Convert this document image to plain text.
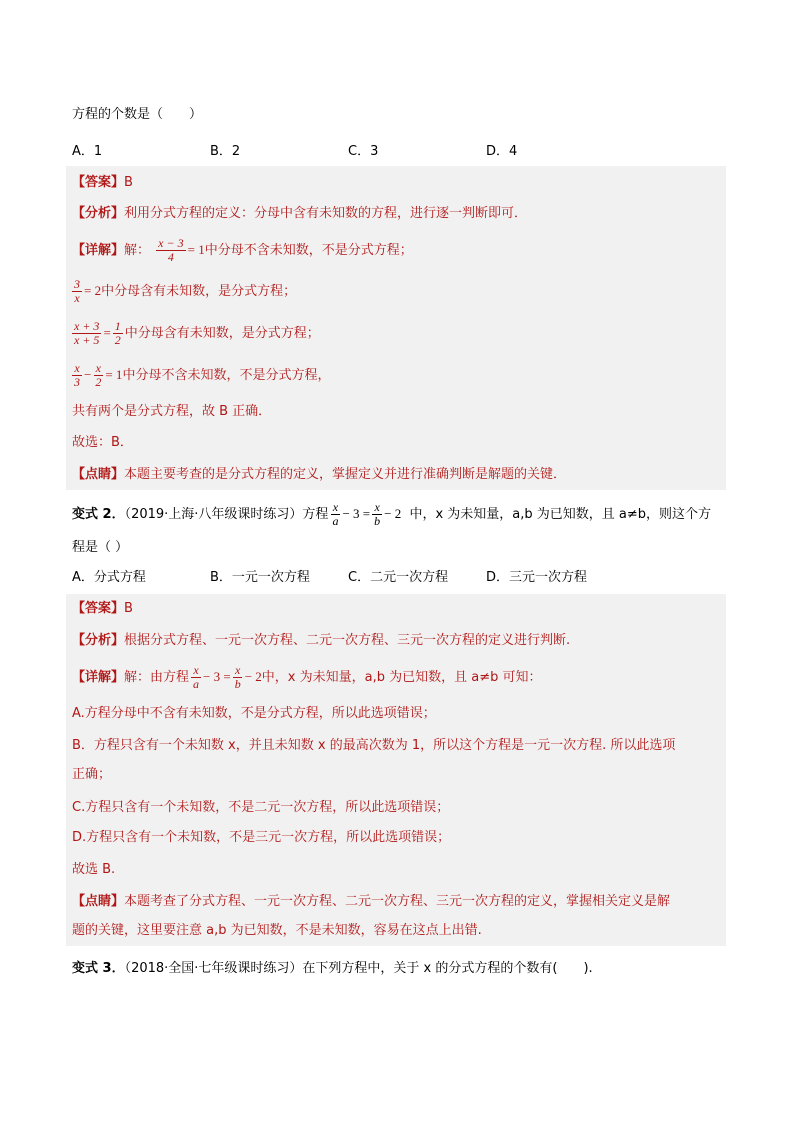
方程的个数是（　　）
A．1	B．2	C．3	D．4
【答案】B
【分析】利用分式方程的定义：分母中含有未知数的方程，进行逐一判断即可．
【详解】解： $\frac{x - 3}{4} = 1$中分母不含未知数，不是分式方程；
$\frac{3}{x} = 2$中分母含有未知数，是分式方程；
$\frac{x + 3}{x + 5} = \frac{1}{2}$ 中分母含有未知数，是分式方程；
$\frac{x}{3} - \frac{x}{2} = 1$中分母不含未知数，不是分式方程，
共有两个是分式方程，故 B 正确．
故选：B．
【点睛】本题主要考查的是分式方程的定义，掌握定义并进行准确判断是解题的关键．
变式 2．（2019·上海·八年级课时练习）方程 $\frac{x}{a} - 3 = \frac{x}{b} - 2$ 中，x 为未知量，a,b 为已知数，且 a≠b，则这个方
程是（ ）
A．分式方程	B．一元一次方程	C．二元一次方程	D．三元一次方程
【答案】B
【分析】根据分式方程、一元一次方程、二元一次方程、三元一次方程的定义进行判断.
【详解】解：由方程 $\frac{x}{a} - 3 = \frac{x}{b} - 2$中，x 为未知量，a,b 为已知数，且 a≠b 可知：
A.方程分母中不含有未知数，不是分式方程，所以此选项错误；
B．方程只含有一个未知数 x，并且未知数 x 的最高次数为 1，所以这个方程是一元一次方程. 所以此选项
正确；
C.方程只含有一个未知数，不是二元一次方程，所以此选项错误；
D.方程只含有一个未知数，不是三元一次方程，所以此选项错误；
故选 B.
【点睛】本题考查了分式方程、一元一次方程、二元一次方程、三元一次方程的定义，掌握相关定义是解
题的关键，这里要注意 a,b 为已知数，不是未知数，容易在这点上出错.
变式 3．（2018·全国·七年级课时练习）在下列方程中，关于 x 的分式方程的个数有(　　).
